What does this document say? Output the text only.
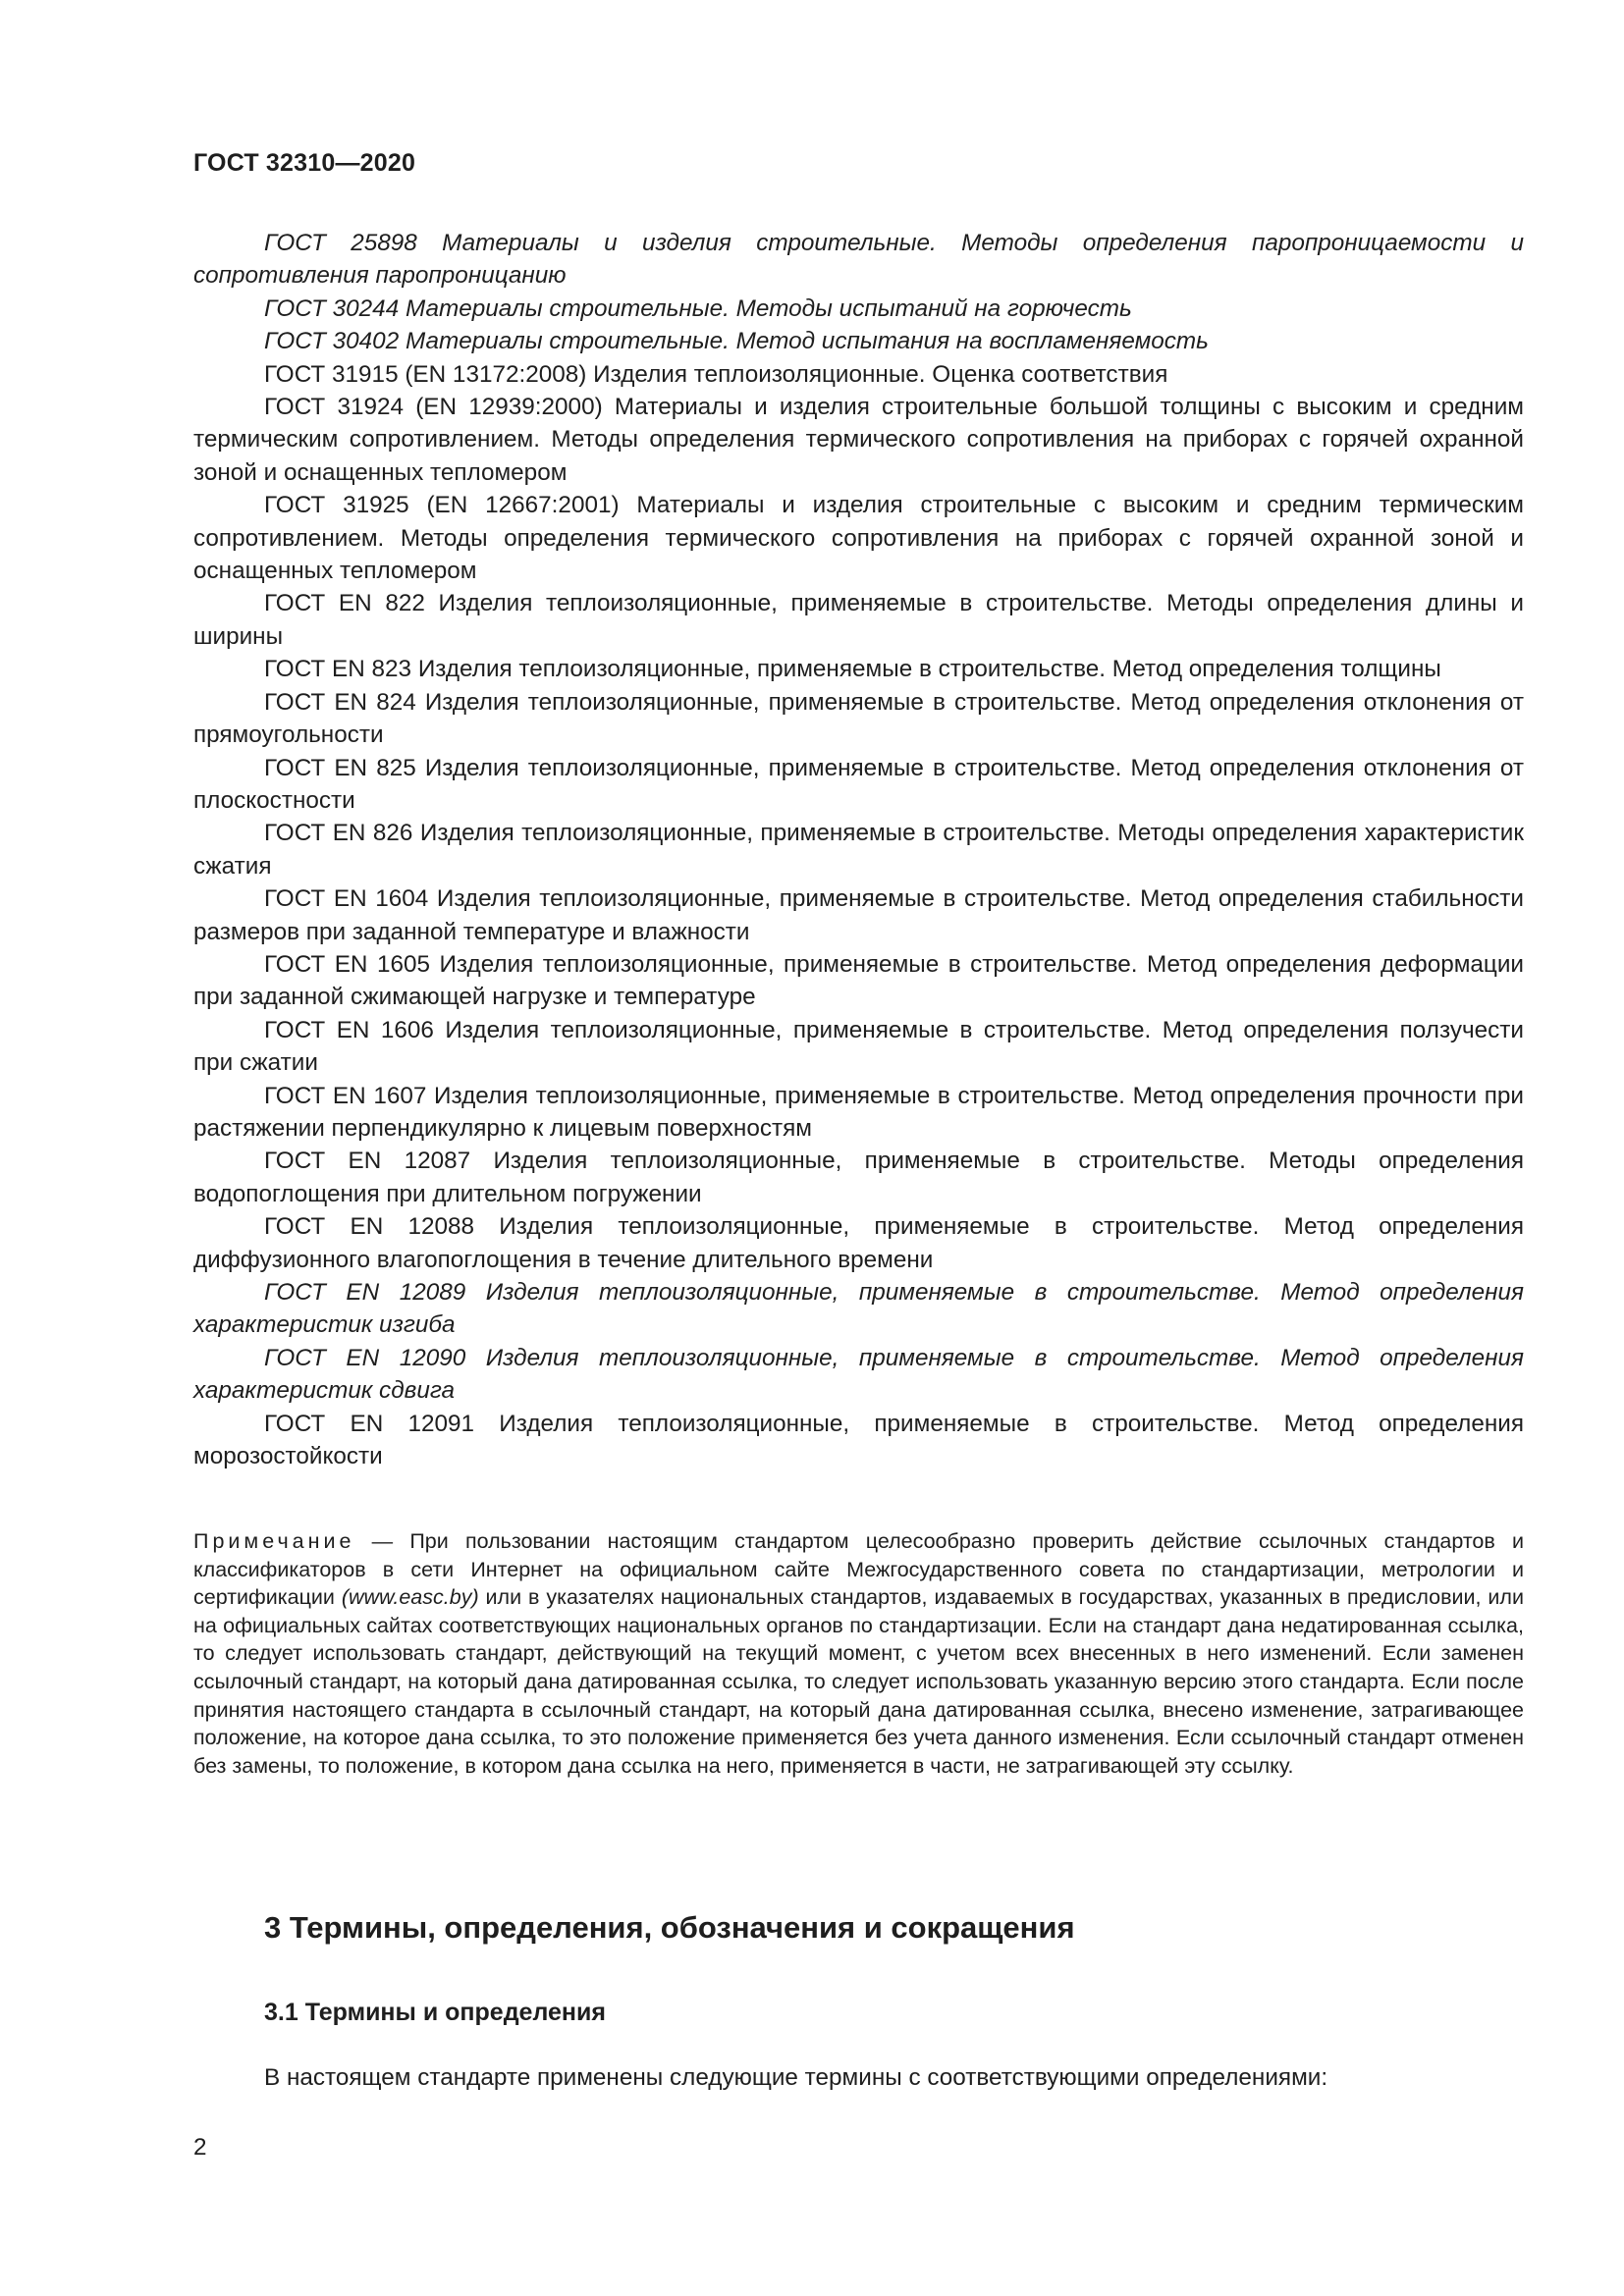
ГОСТ 32310—2020

ГОСТ 25898 Материалы и изделия строительные. Методы определения паропроницаемости и сопротивления паропроницанию

ГОСТ 30244 Материалы строительные. Методы испытаний на горючесть

ГОСТ 30402 Материалы строительные. Метод испытания на воспламеняемость

ГОСТ 31915 (EN 13172:2008) Изделия теплоизоляционные. Оценка соответствия

ГОСТ 31924 (EN 12939:2000) Материалы и изделия строительные большой толщины с высоким и средним термическим сопротивлением. Методы определения термического сопротивления на приборах с горячей охранной зоной и оснащенных тепломером

ГОСТ 31925 (EN 12667:2001) Материалы и изделия строительные с высоким и средним термическим сопротивлением. Методы определения термического сопротивления на приборах с горячей охранной зоной и оснащенных тепломером

ГОСТ EN 822 Изделия теплоизоляционные, применяемые в строительстве. Методы определения длины и ширины

ГОСТ EN 823 Изделия теплоизоляционные, применяемые в строительстве. Метод определения толщины

ГОСТ EN 824 Изделия теплоизоляционные, применяемые в строительстве. Метод определения отклонения от прямоугольности

ГОСТ EN 825 Изделия теплоизоляционные, применяемые в строительстве. Метод определения отклонения от плоскостности

ГОСТ EN 826 Изделия теплоизоляционные, применяемые в строительстве. Методы определения характеристик сжатия

ГОСТ EN 1604 Изделия теплоизоляционные, применяемые в строительстве. Метод определения стабильности размеров при заданной температуре и влажности

ГОСТ EN 1605 Изделия теплоизоляционные, применяемые в строительстве. Метод определения деформации при заданной сжимающей нагрузке и температуре

ГОСТ EN 1606 Изделия теплоизоляционные, применяемые в строительстве. Метод определения ползучести при сжатии

ГОСТ EN 1607 Изделия теплоизоляционные, применяемые в строительстве. Метод определения прочности при растяжении перпендикулярно к лицевым поверхностям

ГОСТ EN 12087 Изделия теплоизоляционные, применяемые в строительстве. Методы определения водопоглощения при длительном погружении

ГОСТ EN 12088 Изделия теплоизоляционные, применяемые в строительстве. Метод определения диффузионного влагопоглощения в течение длительного времени

ГОСТ EN 12089 Изделия теплоизоляционные, применяемые в строительстве. Метод определения характеристик изгиба

ГОСТ EN 12090 Изделия теплоизоляционные, применяемые в строительстве. Метод определения характеристик сдвига

ГОСТ EN 12091 Изделия теплоизоляционные, применяемые в строительстве. Метод определения морозостойкости

Примечание — При пользовании настоящим стандартом целесообразно проверить действие ссылочных стандартов и классификаторов в сети Интернет на официальном сайте Межгосударственного совета по стандартизации, метрологии и сертификации (www.easc.by) или в указателях национальных стандартов, издаваемых в государствах, указанных в предисловии, или на официальных сайтах соответствующих национальных органов по стандартизации. Если на стандарт дана недатированная ссылка, то следует использовать стандарт, действующий на текущий момент, с учетом всех внесенных в него изменений. Если заменен ссылочный стандарт, на который дана датированная ссылка, то следует использовать указанную версию этого стандарта. Если после принятия настоящего стандарта в ссылочный стандарт, на который дана датированная ссылка, внесено изменение, затрагивающее положение, на которое дана ссылка, то это положение применяется без учета данного изменения. Если ссылочный стандарт отменен без замены, то положение, в котором дана ссылка на него, применяется в части, не затрагивающей эту ссылку.

3 Термины, определения, обозначения и сокращения
3.1 Термины и определения

В настоящем стандарте применены следующие термины с соответствующими определениями:

2
